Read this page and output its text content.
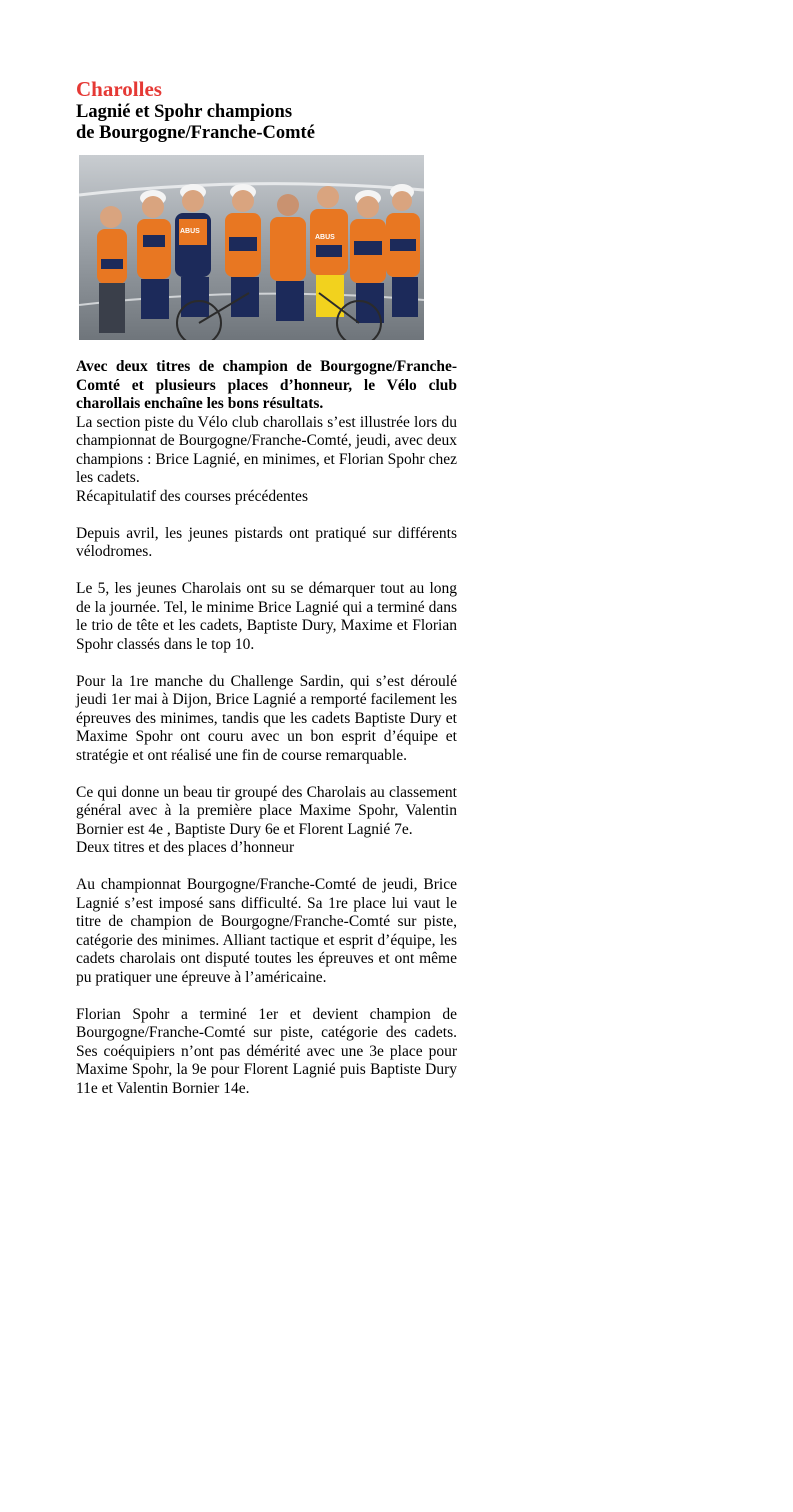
Charolles
Lagnié et Spohr champions
de Bourgogne/Franche-Comté
ABUS
ABUS

Avec deux titres de champion de Bourgogne/Franche-Comté et plusieurs places d’honneur, le Vélo club charollais enchaîne les bons résultats.

La section piste du Vélo club charollais s’est illustrée lors du championnat de Bourgogne/Franche-Comté, jeudi, avec deux champions : Brice Lagnié, en minimes, et Florian Spohr chez les cadets.

Récapitulatif des courses précédentes

Depuis avril, les jeunes pistards ont pratiqué sur différents vélodromes.

Le 5, les jeunes Charolais ont su se démarquer tout au long de la journée. Tel, le minime Brice Lagnié qui a terminé dans le trio de tête et les cadets, Baptiste Dury, Maxime et Florian Spohr classés dans le top 10.

Pour la 1re manche du Challenge Sardin, qui s’est déroulé jeudi 1er mai à Dijon, Brice Lagnié a remporté facilement les épreuves des minimes, tandis que les cadets Baptiste Dury et Maxime Spohr ont couru avec un bon esprit d’équipe et stratégie et ont réalisé une fin de course remarquable.

Ce qui donne un beau tir groupé des Charolais au classement général avec à la première place Maxime Spohr, Valentin Bornier est 4e , Baptiste Dury 6e et Florent Lagnié 7e.

Deux titres et des places d’honneur

Au championnat Bourgogne/Franche-Comté de jeudi, Brice Lagnié s’est imposé sans difficulté. Sa 1re place lui vaut le titre de champion de Bourgogne/Franche-Comté sur piste, catégorie des minimes. Alliant tactique et esprit d’équipe, les cadets charolais ont disputé toutes les épreuves et ont même pu pratiquer une épreuve à l’américaine.

Florian Spohr a terminé 1er et devient champion de Bourgogne/Franche-Comté sur piste, catégorie des cadets. Ses coéquipiers n’ont pas démérité avec une 3e place pour Maxime Spohr, la 9e pour Florent Lagnié puis Baptiste Dury 11e et Valentin Bornier 14e.
